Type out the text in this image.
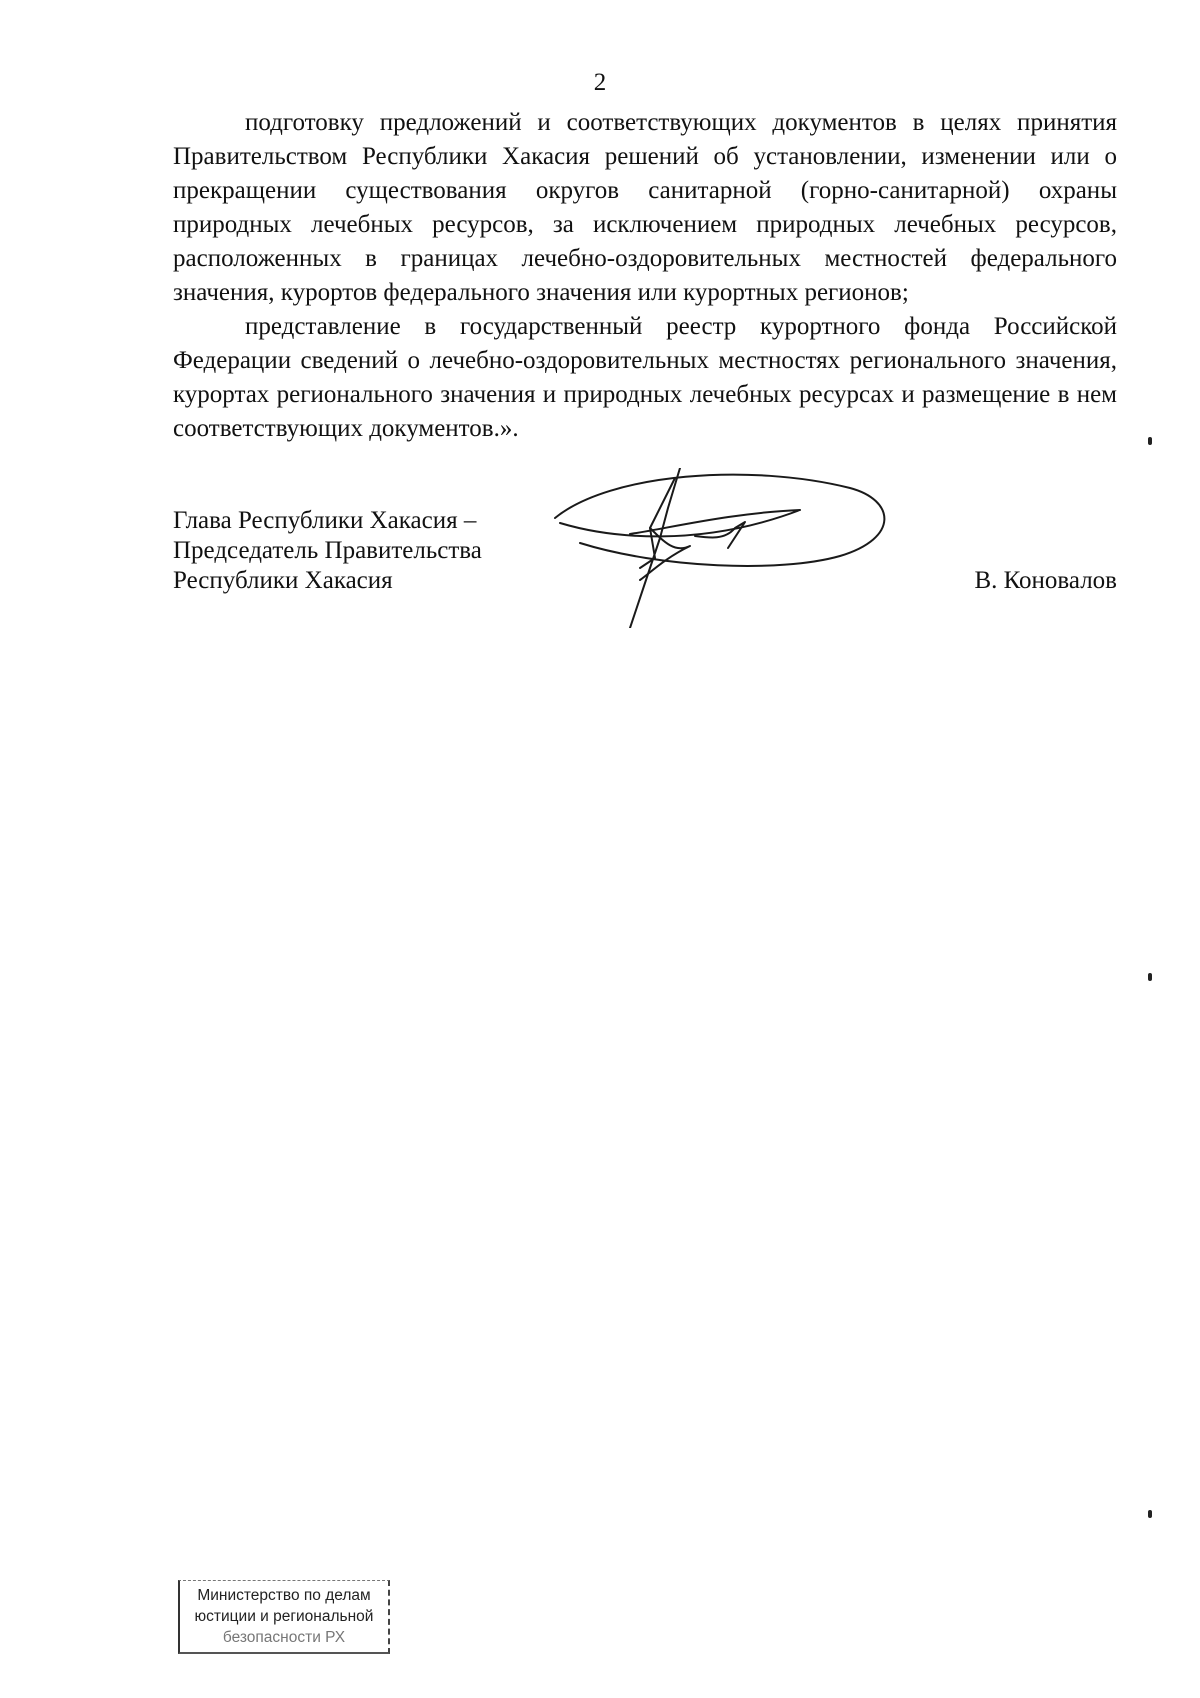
2

подготовку предложений и соответствующих документов в целях принятия Правительством Республики Хакасия решений об установлении, изменении или о прекращении существования округов санитарной (горно-санитарной) охраны природных лечебных ресурсов, за исключением природных лечебных ресурсов, расположенных в границах лечебно-оздоровительных местностей федерального значения, курортов федерального значения или курортных регионов;

представление в государственный реестр курортного фонда Российской Федерации сведений о лечебно-оздоровительных местностях регионального значения, курортах регионального значения и природных лечебных ресурсах и размещение в нем соответствующих документов.».

Глава Республики Хакасия –
Председатель Правительства
Республики Хакасия	В. Коновалов
Министерство по делам
юстиции и региональной
безопасности РХ
